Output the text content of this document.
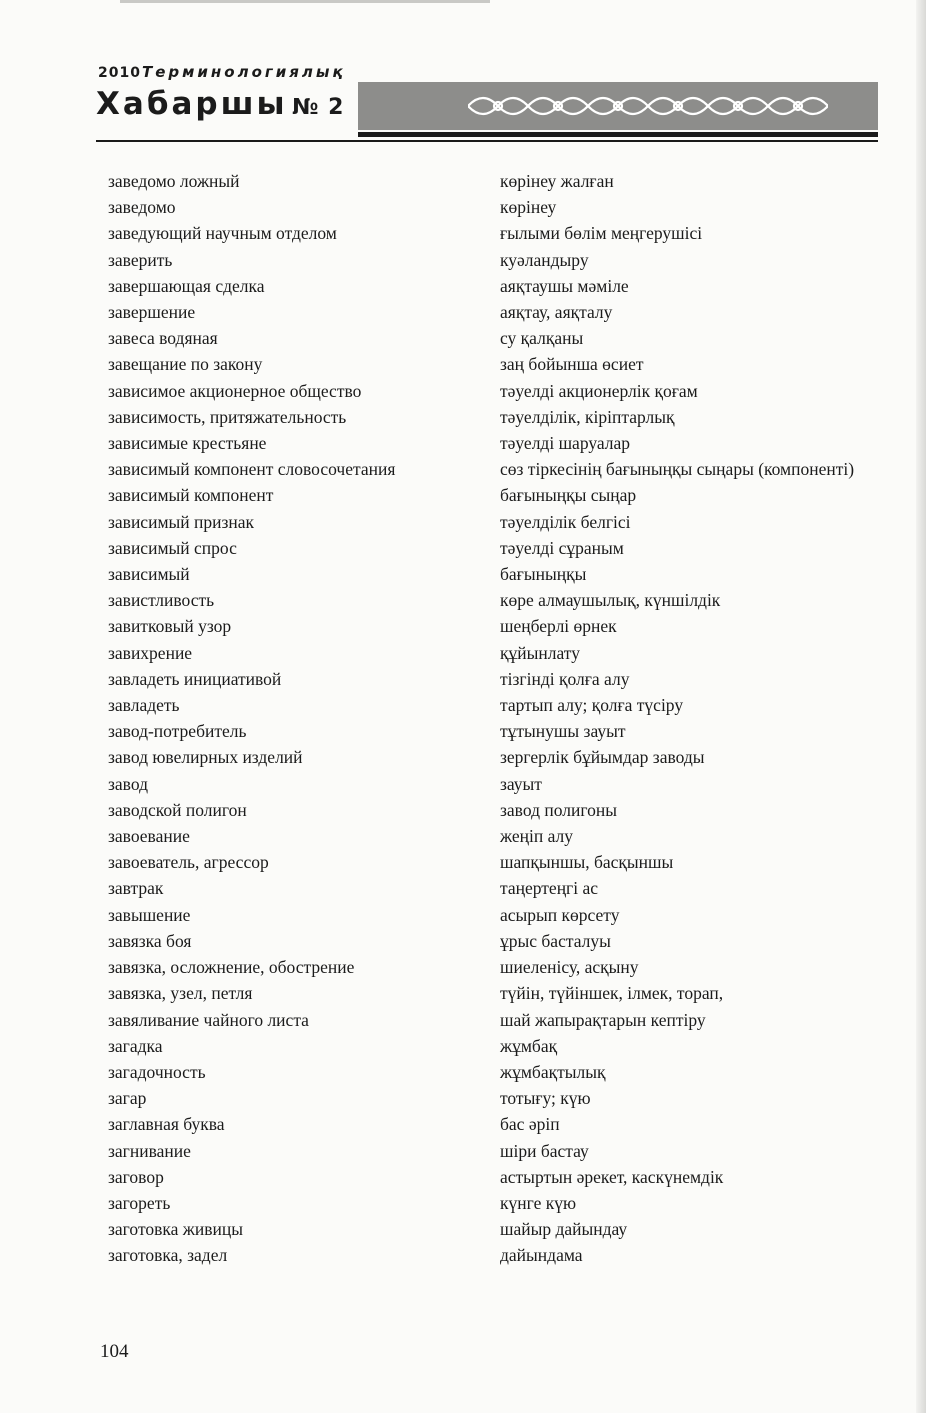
2010 Терминологиялық
Хабаршы № 2
заведомо ложный	көрінеу жалған
заведомо	көрінеу
заведующий научным отделом	ғылыми бөлім меңгерушісі
заверить	куәландыру
завершающая сделка	аяқтаушы мәміле
завершение	аяқтау, аяқталу
завеса водяная	су қалқаны
завещание по закону	заң бойынша өсиет
зависимое акционерное общество	тәуелді акционерлік қоғам
зависимость, притяжательность	тәуелділік, кіріптарлық
зависимые крестьяне	тәуелді шаруалар
зависимый компонент словосочетания	сөз тіркесінің бағыныңқы сыңары (компоненті)
зависимый компонент	бағыныңқы сыңар
зависимый признак	тәуелділік белгісі
зависимый спрос	тәуелді сұраным
зависимый	бағыныңқы
завистливость	көре алмаушылық, күншілдік
завитковый узор	шеңберлі өрнек
завихрение	құйынлату
завладеть инициативой	тізгінді қолға алу
завладеть	тартып алу; қолға түсіру
завод-потребитель	тұтынушы зауыт
завод ювелирных изделий	зергерлік бұйымдар заводы
завод	зауыт
заводской полигон	завод полигоны
завоевание	жеңіп алу
завоеватель, агрессор	шапқыншы, басқыншы
завтрак	таңертеңгі ас
завышение	асырып көрсету
завязка боя	ұрыс басталуы
завязка, осложнение, обострение	шиеленісу, асқыну
завязка, узел, петля	түйін, түйіншек, ілмек, торап,
завяливание чайного листа	шай жапырақтарын кептіру
загадка	жұмбақ
загадочность	жұмбақтылық
загар	тотығу; күю
заглавная буква	бас әріп
загнивание	шіри бастау
заговор	астыртын әрекет, каскүнемдік
загореть	күнге күю
заготовка живицы	шайыр дайындау
заготовка, задел	дайындама
104
